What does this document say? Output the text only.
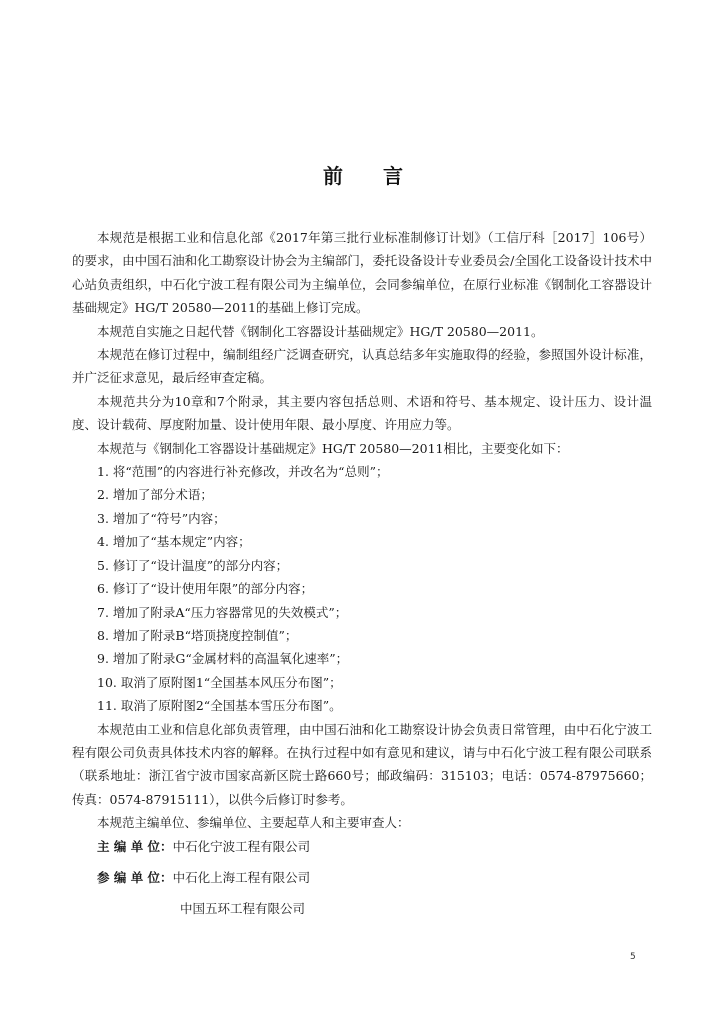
前言

本规范是根据工业和信息化部《2017年第三批行业标准制修订计划》（工信厅科［2017］106号）的要求，由中国石油和化工勘察设计协会为主编部门，委托设备设计专业委员会/全国化工设备设计技术中心站负责组织，中石化宁波工程有限公司为主编单位，会同参编单位，在原行业标准《钢制化工容器设计基础规定》HG/T 20580—2011的基础上修订完成。

本规范自实施之日起代替《钢制化工容器设计基础规定》HG/T 20580—2011。

本规范在修订过程中，编制组经广泛调查研究，认真总结多年实施取得的经验，参照国外设计标准，并广泛征求意见，最后经审查定稿。

本规范共分为10章和7个附录，其主要内容包括总则、术语和符号、基本规定、设计压力、设计温度、设计载荷、厚度附加量、设计使用年限、最小厚度、许用应力等。

本规范与《钢制化工容器设计基础规定》HG/T 20580—2011相比，主要变化如下：

1. 将“范围”的内容进行补充修改，并改名为“总则”；

2. 增加了部分术语；

3. 增加了“符号”内容；

4. 增加了“基本规定”内容；

5. 修订了“设计温度”的部分内容；

6. 修订了“设计使用年限”的部分内容；

7. 增加了附录A“压力容器常见的失效模式”；

8. 增加了附录B“塔顶挠度控制值”；

9. 增加了附录G“金属材料的高温氧化速率”；

10. 取消了原附图1“全国基本风压分布图”；

11. 取消了原附图2“全国基本雪压分布图”。

本规范由工业和信息化部负责管理，由中国石油和化工勘察设计协会负责日常管理，由中石化宁波工程有限公司负责具体技术内容的解释。在执行过程中如有意见和建议，请与中石化宁波工程有限公司联系（联系地址：浙江省宁波市国家高新区院士路660号；邮政编码：315103；电话：0574-87975660；传真：0574-87915111），以供今后修订时参考。

本规范主编单位、参编单位、主要起草人和主要审查人：

主 编 单 位：中石化宁波工程有限公司

参 编 单 位：中石化上海工程有限公司

中国五环工程有限公司

5
